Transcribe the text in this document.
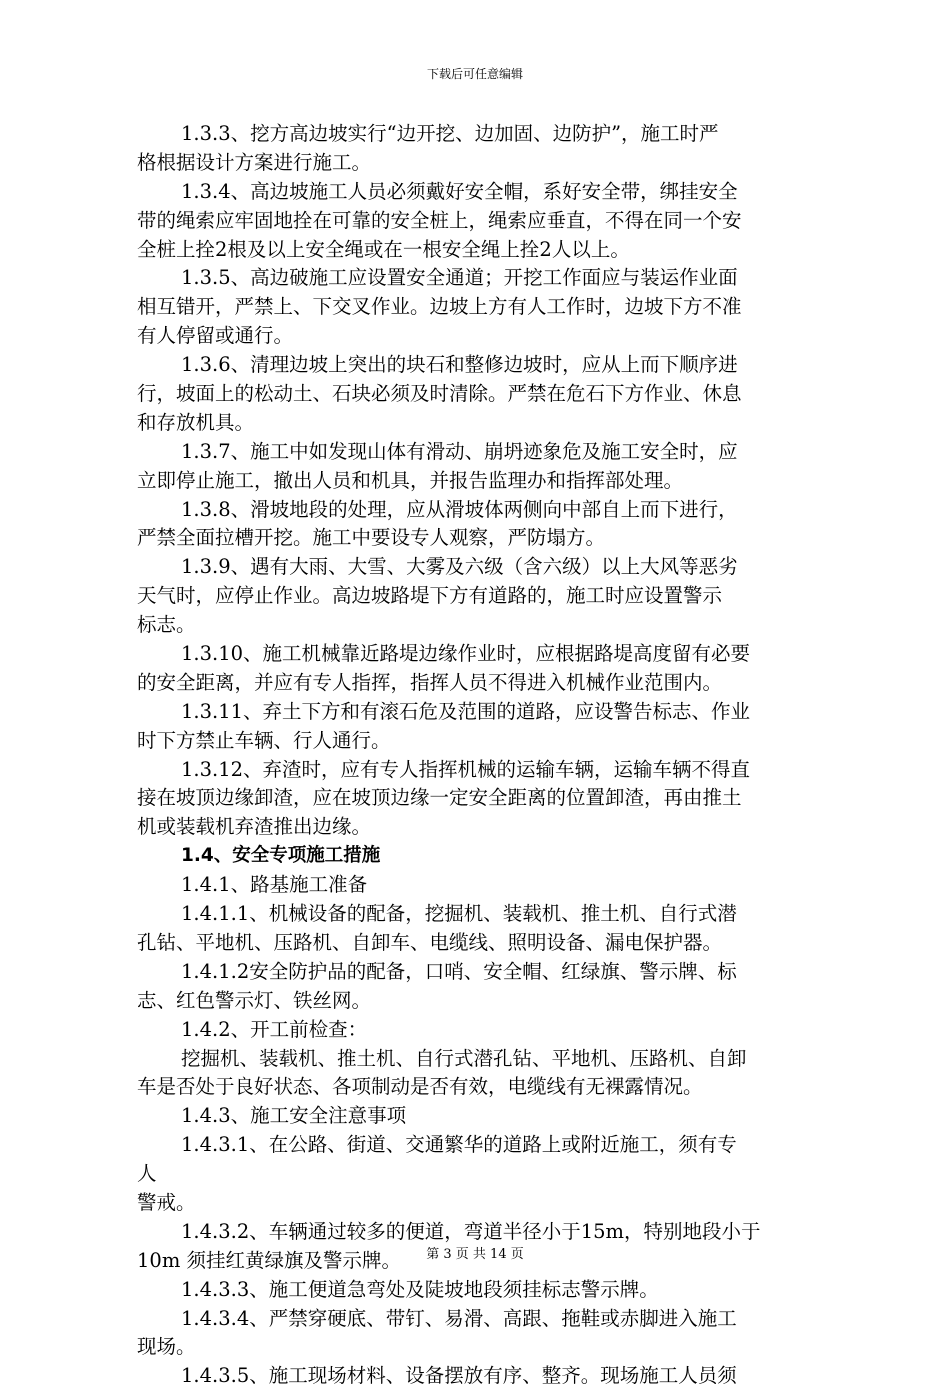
下载后可任意编辑
1.3.3、挖方高边坡实行“边开挖、边加固、边防护”，施工时严
格根据设计方案进行施工。
1.3.4、高边坡施工人员必须戴好安全帽，系好安全带，绑挂安全
带的绳索应牢固地拴在可靠的安全桩上，绳索应垂直，不得在同一个安
全桩上拴2根及以上安全绳或在一根安全绳上拴2人以上。
1.3.5、高边破施工应设置安全通道；开挖工作面应与装运作业面
相互错开，严禁上、下交叉作业。边坡上方有人工作时，边坡下方不准
有人停留或通行。
1.3.6、清理边坡上突出的块石和整修边坡时，应从上而下顺序进
行，坡面上的松动土、石块必须及时清除。严禁在危石下方作业、休息
和存放机具。
1.3.7、施工中如发现山体有滑动、崩坍迹象危及施工安全时，应
立即停止施工，撤出人员和机具，并报告监理办和指挥部处理。
1.3.8、滑坡地段的处理，应从滑坡体两侧向中部自上而下进行，
严禁全面拉槽开挖。施工中要设专人观察，严防塌方。
1.3.9、遇有大雨、大雪、大雾及六级（含六级）以上大风等恶劣
天气时，应停止作业。高边坡路堤下方有道路的，施工时应设置警示
标志。
1.3.10、施工机械靠近路堤边缘作业时，应根据路堤高度留有必要
的安全距离，并应有专人指挥，指挥人员不得进入机械作业范围内。
1.3.11、弃土下方和有滚石危及范围的道路，应设警告标志、作业
时下方禁止车辆、行人通行。
1.3.12、弃渣时，应有专人指挥机械的运输车辆，运输车辆不得直
接在坡顶边缘卸渣，应在坡顶边缘一定安全距离的位置卸渣，再由推土
机或装载机弃渣推出边缘。
1.4、安全专项施工措施
1.4.1、路基施工准备
1.4.1.1、机械设备的配备，挖掘机、装载机、推土机、自行式潜
孔钻、平地机、压路机、自卸车、电缆线、照明设备、漏电保护器。
1.4.1.2安全防护品的配备，口哨、安全帽、红绿旗、警示牌、标
志、红色警示灯、铁丝网。
1.4.2、开工前检查：
挖掘机、装载机、推土机、自行式潜孔钻、平地机、压路机、自卸
车是否处于良好状态、各项制动是否有效，电缆线有无裸露情况。
1.4.3、施工安全注意事项
1.4.3.1、在公路、街道、交通繁华的道路上或附近施工，须有专
人
警戒。
1.4.3.2、车辆通过较多的便道，弯道半径小于15m，特别地段小于
10m 须挂红黄绿旗及警示牌。
1.4.3.3、施工便道急弯处及陡坡地段须挂标志警示牌。
1.4.3.4、严禁穿硬底、带钉、易滑、高跟、拖鞋或赤脚进入施工
现场。
1.4.3.5、施工现场材料、设备摆放有序、整齐。现场施工人员须
第 3 页 共 14 页
